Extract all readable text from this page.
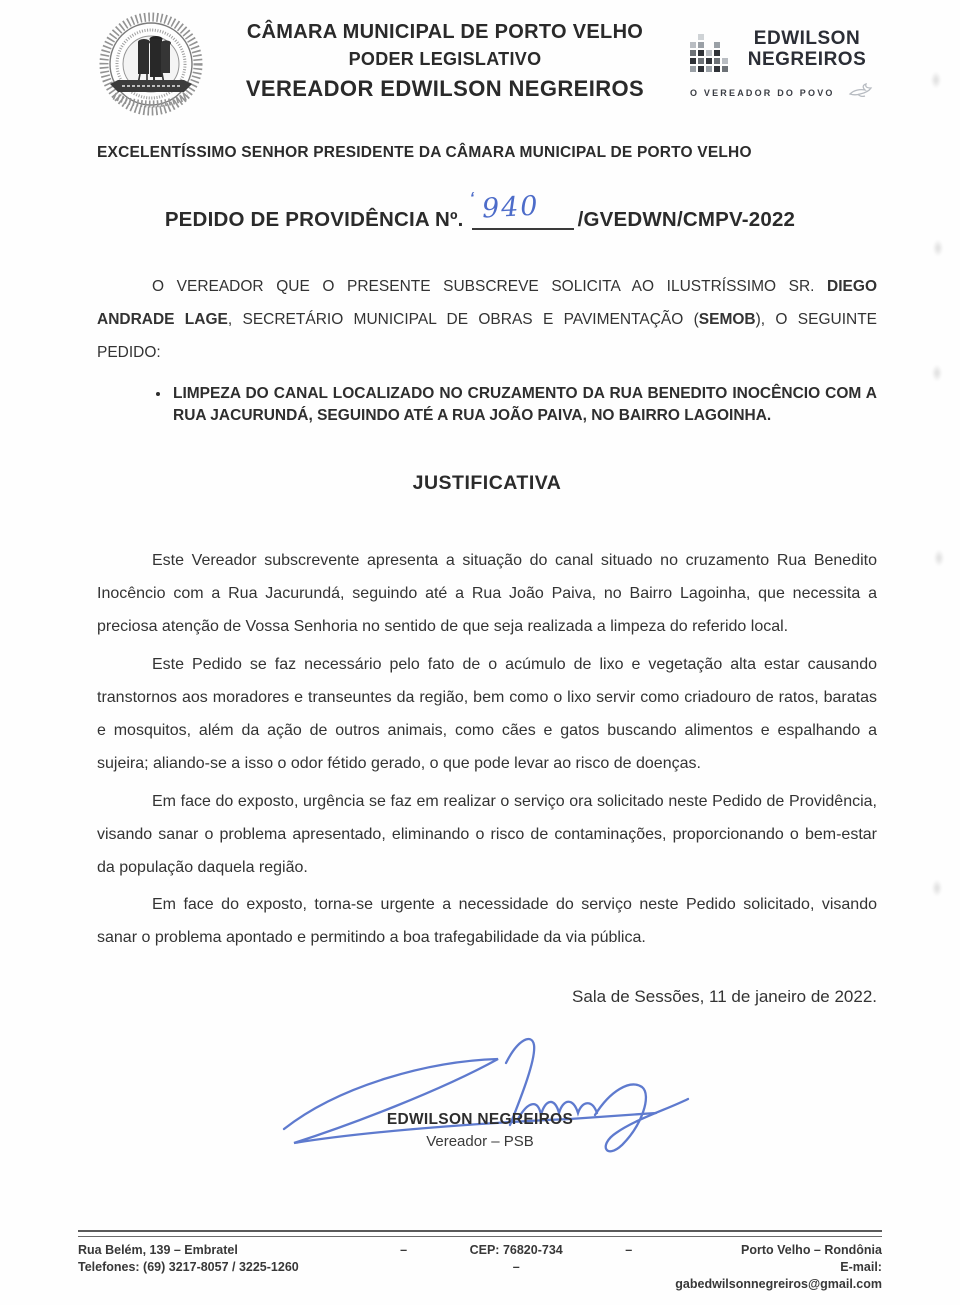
CÂMARA MUNICIPAL DE PORTO VELHO
PODER LEGISLATIVO
VEREADOR EDWILSON NEGREIROS
EDWILSON
NEGREIROS
O VEREADOR DO POVO
EXCELENTÍSSIMO SENHOR PRESIDENTE DA CÂMARA MUNICIPAL DE PORTO VELHO
PEDIDO DE PROVIDÊNCIA Nº.
‘ 940 /GVEDWN/CMPV-2022

O VEREADOR QUE O PRESENTE SUBSCREVE SOLICITA AO ILUSTRÍSSIMO SR. DIEGO ANDRADE LAGE, SECRETÁRIO MUNICIPAL DE OBRAS E PAVIMENTAÇÃO (SEMOB), O SEGUINTE PEDIDO:

• LIMPEZA DO CANAL LOCALIZADO NO CRUZAMENTO DA RUA BENEDITO INOCÊNCIO COM A RUA JACURUNDÁ, SEGUINDO ATÉ A RUA JOÃO PAIVA, NO BAIRRO LAGOINHA.
JUSTIFICATIVA

Este Vereador subscrevente apresenta a situação do canal situado no cruzamento Rua Benedito Inocêncio com a Rua Jacurundá, seguindo até a Rua João Paiva, no Bairro Lagoinha, que necessita a preciosa atenção de Vossa Senhoria no sentido de que seja realizada a limpeza do referido local.

Este Pedido se faz necessário pelo fato de o acúmulo de lixo e vegetação alta estar causando transtornos aos moradores e transeuntes da região, bem como o lixo servir como criadouro de ratos, baratas e mosquitos, além da ação de outros animais, como cães e gatos buscando alimentos e espalhando a sujeira; aliando-se a isso o odor fétido gerado, o que pode levar ao risco de doenças.

Em face do exposto, urgência se faz em realizar o serviço ora solicitado neste Pedido de Providência, visando sanar o problema apresentado, eliminando o risco de contaminações, proporcionando o bem-estar da população daquela região.

Em face do exposto, torna-se urgente a necessidade do serviço neste Pedido solicitado, visando sanar o problema apontado e permitindo a boa trafegabilidade da via pública.

Sala de Sessões, 11 de janeiro de 2022.
EDWILSON NEGREIROS
Vereador – PSB
Rua Belém, 139 – Embratel	–	CEP: 76820-734	–	Porto Velho – Rondônia
Telefones: (69) 3217-8057 / 3225-1260	–	E-mail: gabedwilsonnegreiros@gmail.com
